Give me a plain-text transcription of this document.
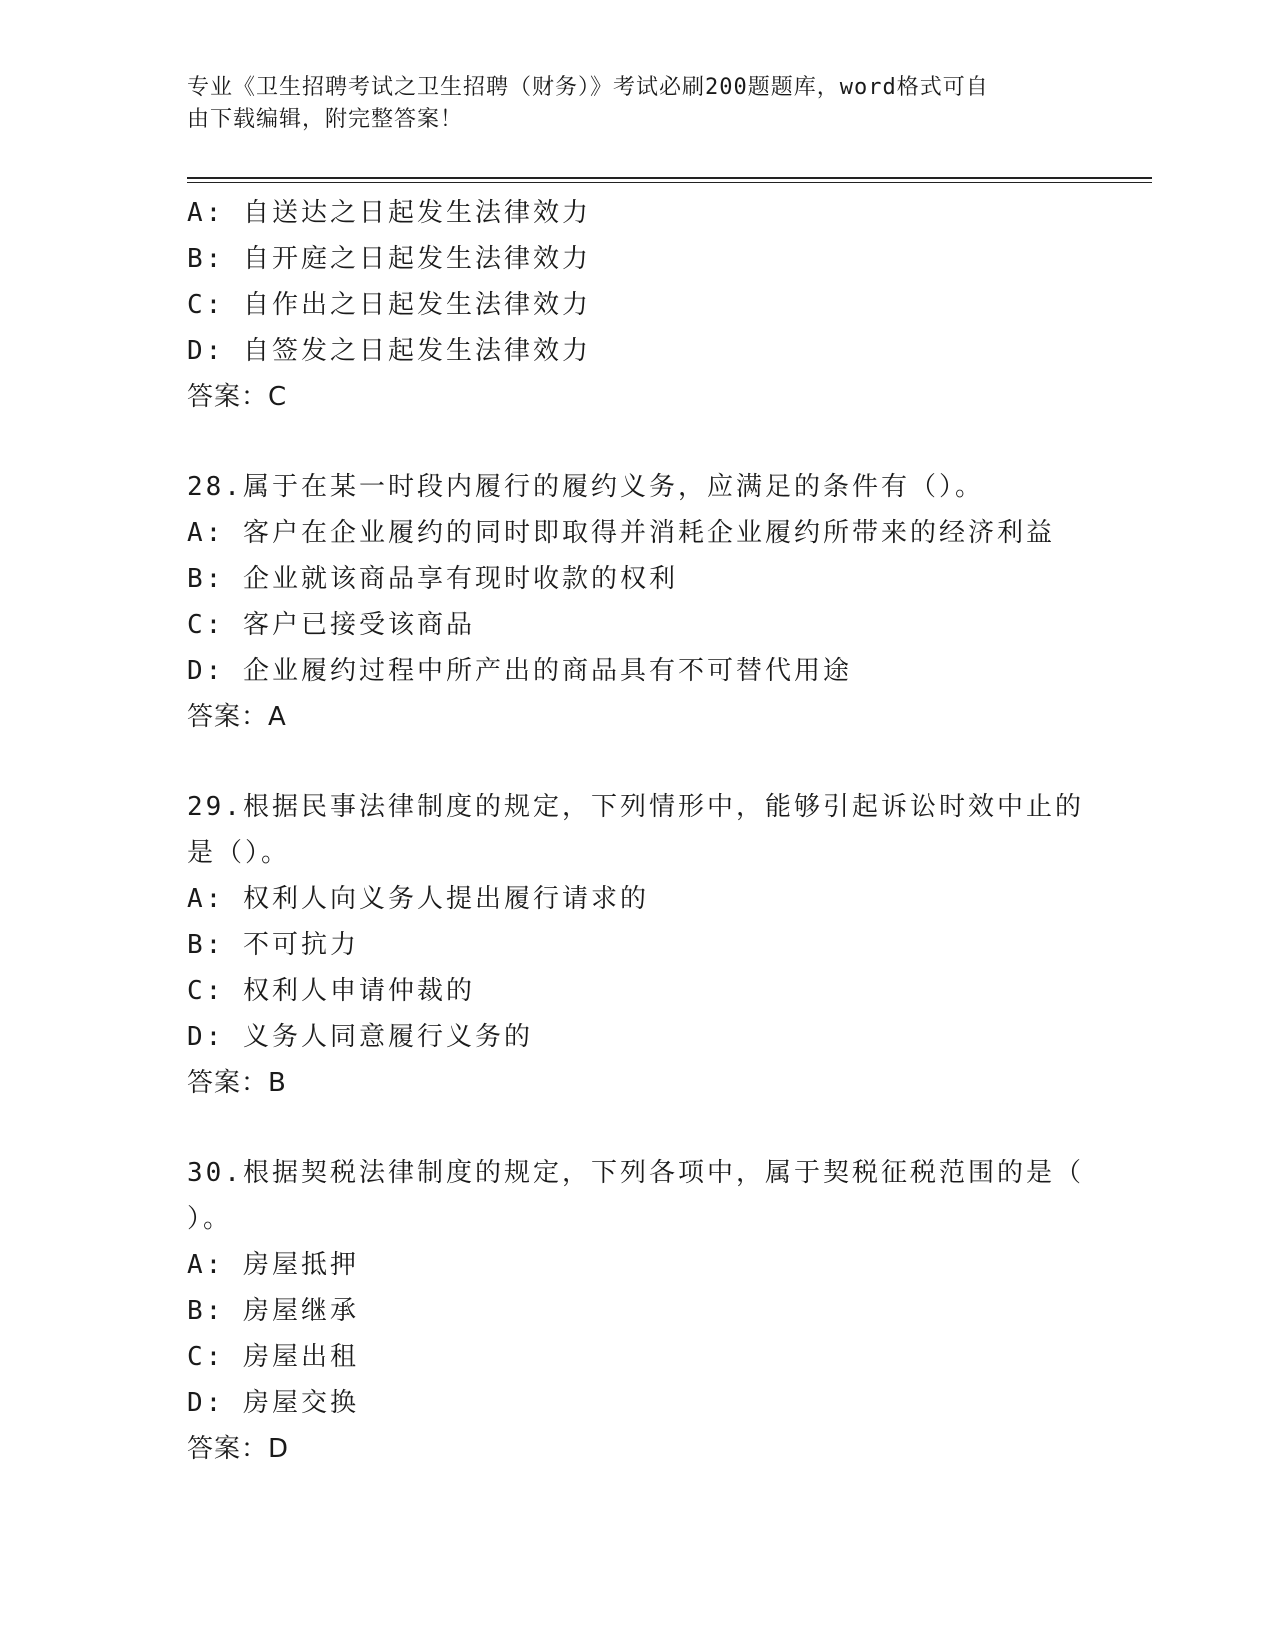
专业《卫生招聘考试之卫生招聘（财务）》考试必刷200题题库，word格式可自
由下载编辑，附完整答案！
A: 自送达之日起发生法律效力
B: 自开庭之日起发生法律效力
C: 自作出之日起发生法律效力
D: 自签发之日起发生法律效力
答案：C
28.属于在某一时段内履行的履约义务，应满足的条件有（）。
A: 客户在企业履约的同时即取得并消耗企业履约所带来的经济利益
B: 企业就该商品享有现时收款的权利
C: 客户已接受该商品
D: 企业履约过程中所产出的商品具有不可替代用途
答案：A
29.根据民事法律制度的规定，下列情形中，能够引起诉讼时效中止的
是（）。
A: 权利人向义务人提出履行请求的
B: 不可抗力
C: 权利人申请仲裁的
D: 义务人同意履行义务的
答案：B
30.根据契税法律制度的规定，下列各项中，属于契税征税范围的是（
）。
A: 房屋抵押
B: 房屋继承
C: 房屋出租
D: 房屋交换
答案：D
